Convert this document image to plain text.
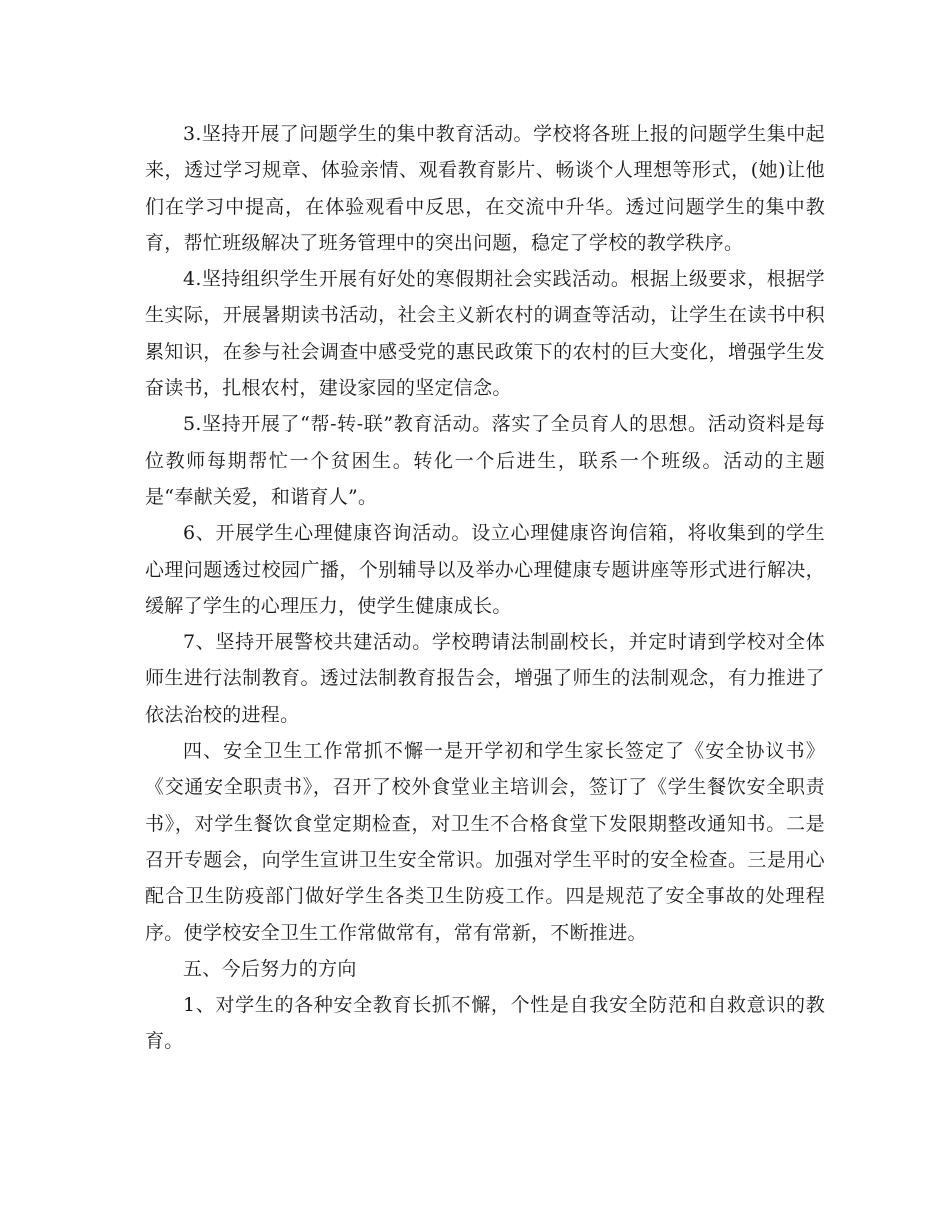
3.坚持开展了问题学生的集中教育活动。学校将各班上报的问题学生集中起来，透过学习规章、体验亲情、观看教育影片、畅谈个人理想等形式，(她)让他们在学习中提高，在体验观看中反思，在交流中升华。透过问题学生的集中教育，帮忙班级解决了班务管理中的突出问题，稳定了学校的教学秩序。

4.坚持组织学生开展有好处的寒假期社会实践活动。根据上级要求，根据学生实际，开展暑期读书活动，社会主义新农村的调查等活动，让学生在读书中积累知识，在参与社会调查中感受党的惠民政策下的农村的巨大变化，增强学生发奋读书，扎根农村，建设家园的坚定信念。

5.坚持开展了“帮-转-联”教育活动。落实了全员育人的思想。活动资料是每位教师每期帮忙一个贫困生。转化一个后进生，联系一个班级。活动的主题是“奉献关爱，和谐育人”。

6、开展学生心理健康咨询活动。设立心理健康咨询信箱，将收集到的学生心理问题透过校园广播，个别辅导以及举办心理健康专题讲座等形式进行解决，缓解了学生的心理压力，使学生健康成长。

7、坚持开展警校共建活动。学校聘请法制副校长，并定时请到学校对全体师生进行法制教育。透过法制教育报告会，增强了师生的法制观念，有力推进了依法治校的进程。

四、安全卫生工作常抓不懈一是开学初和学生家长签定了《安全协议书》《交通安全职责书》，召开了校外食堂业主培训会，签订了《学生餐饮安全职责书》，对学生餐饮食堂定期检查，对卫生不合格食堂下发限期整改通知书。二是召开专题会，向学生宣讲卫生安全常识。加强对学生平时的安全检查。三是用心配合卫生防疫部门做好学生各类卫生防疫工作。四是规范了安全事故的处理程序。使学校安全卫生工作常做常有，常有常新，不断推进。

五、今后努力的方向

1、对学生的各种安全教育长抓不懈，个性是自我安全防范和自救意识的教育。
